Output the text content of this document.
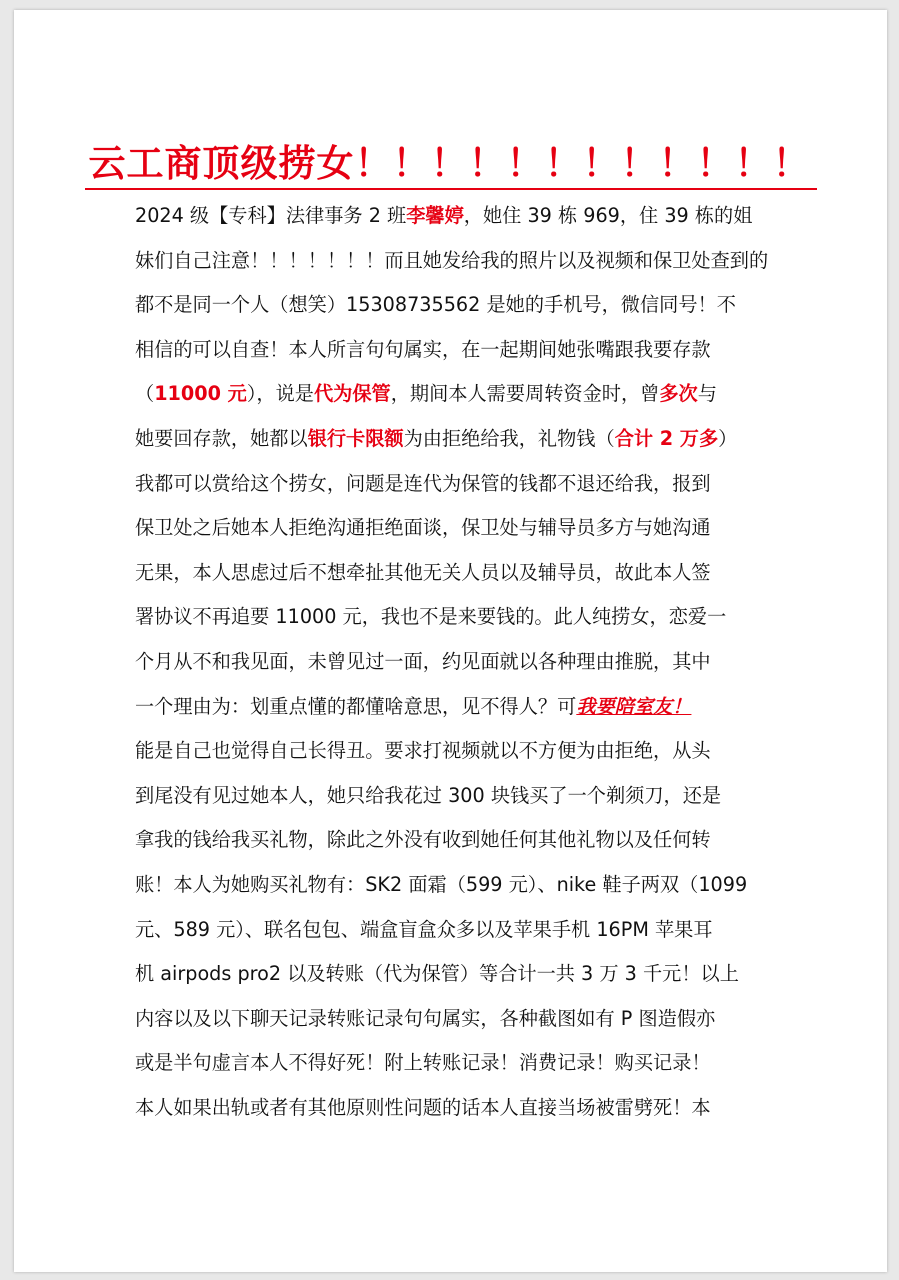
云工商顶级捞女！！！！！！！！！！！！
2024 级【专科】法律事务 2 班李馨婷，她住 39 栋 969，住 39 栋的姐
妹们自己注意！！！！！！！而且她发给我的照片以及视频和保卫处查到的
都不是同一个人（想笑）15308735562 是她的手机号，微信同号！不
相信的可以自查！本人所言句句属实，在一起期间她张嘴跟我要存款
（11000 元），说是代为保管，期间本人需要周转资金时，曾多次与
她要回存款，她都以银行卡限额为由拒绝给我，礼物钱（合计 2 万多）
我都可以赏给这个捞女，问题是连代为保管的钱都不退还给我，报到
保卫处之后她本人拒绝沟通拒绝面谈，保卫处与辅导员多方与她沟通
无果，本人思虑过后不想牵扯其他无关人员以及辅导员，故此本人签
署协议不再追要 11000 元，我也不是来要钱的。此人纯捞女，恋爱一
个月从不和我见面，未曾见过一面，约见面就以各种理由推脱，其中
一个理由为：划重点懂的都懂啥意思，见不得人？可我要陪室友！
能是自己也觉得自己长得丑。要求打视频就以不方便为由拒绝，从头
到尾没有见过她本人，她只给我花过 300 块钱买了一个剃须刀，还是
拿我的钱给我买礼物，除此之外没有收到她任何其他礼物以及任何转
账！本人为她购买礼物有：SK2 面霜（599 元）、nike 鞋子两双（1099
元、589 元）、联名包包、端盒盲盒众多以及苹果手机 16PM 苹果耳
机 airpods pro2 以及转账（代为保管）等合计一共 3 万 3 千元！以上
内容以及以下聊天记录转账记录句句属实，各种截图如有 P 图造假亦
或是半句虚言本人不得好死！附上转账记录！消费记录！购买记录！
本人如果出轨或者有其他原则性问题的话本人直接当场被雷劈死！本
